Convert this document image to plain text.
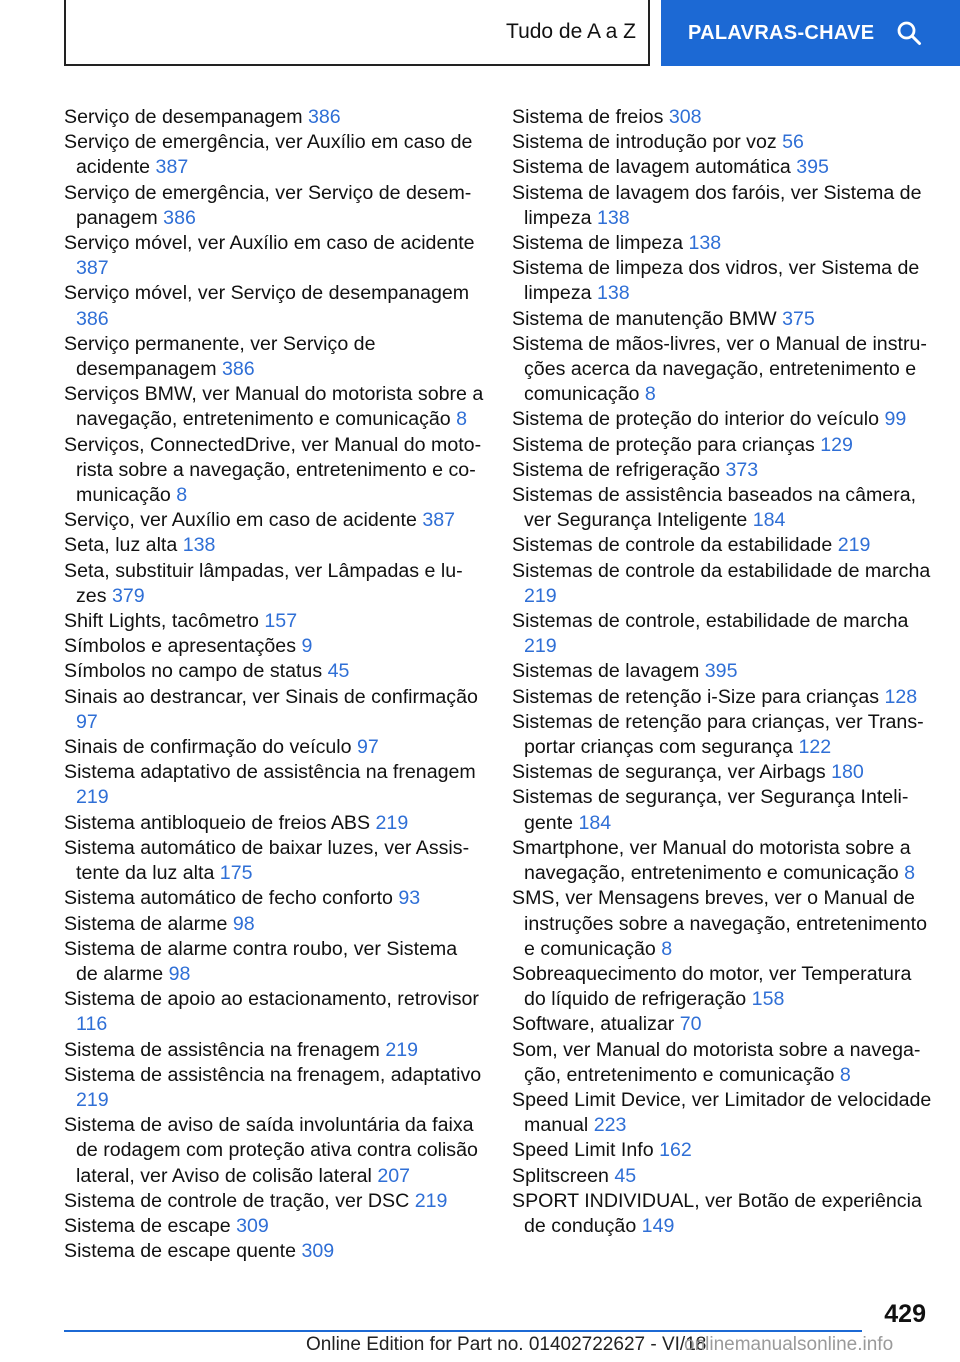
Tudo de A a Z	PALAVRAS-CHAVE
Serviço de desempanagem 386
Serviço de emergência, ver Auxílio em caso de acidente 387
Serviço de emergência, ver Serviço de desempanagem 386
Serviço móvel, ver Auxílio em caso de acidente 387
Serviço móvel, ver Serviço de desempanagem 386
Serviço permanente, ver Serviço de desempanagem 386
Serviços BMW, ver Manual do motorista sobre a navegação, entretenimento e comunicação 8
Serviços, ConnectedDrive, ver Manual do motorista sobre a navegação, entretenimento e comunicação 8
Serviço, ver Auxílio em caso de acidente 387
Seta, luz alta 138
Seta, substituir lâmpadas, ver Lâmpadas e luzes 379
Shift Lights, tacômetro 157
Símbolos e apresentações 9
Símbolos no campo de status 45
Sinais ao destrancar, ver Sinais de confirmação 97
Sinais de confirmação do veículo 97
Sistema adaptativo de assistência na frenagem 219
Sistema antibloqueio de freios ABS 219
Sistema automático de baixar luzes, ver Assistente da luz alta 175
Sistema automático de fecho conforto 93
Sistema de alarme 98
Sistema de alarme contra roubo, ver Sistema de alarme 98
Sistema de apoio ao estacionamento, retrovisor 116
Sistema de assistência na frenagem 219
Sistema de assistência na frenagem, adaptativo 219
Sistema de aviso de saída involuntária da faixa de rodagem com proteção ativa contra colisão lateral, ver Aviso de colisão lateral 207
Sistema de controle de tração, ver DSC 219
Sistema de escape 309
Sistema de escape quente 309
Sistema de freios 308
Sistema de introdução por voz 56
Sistema de lavagem automática 395
Sistema de lavagem dos faróis, ver Sistema de limpeza 138
Sistema de limpeza 138
Sistema de limpeza dos vidros, ver Sistema de limpeza 138
Sistema de manutenção BMW 375
Sistema de mãos-livres, ver o Manual de instruções acerca da navegação, entretenimento e comunicação 8
Sistema de proteção do interior do veículo 99
Sistema de proteção para crianças 129
Sistema de refrigeração 373
Sistemas de assistência baseados na câmera, ver Segurança Inteligente 184
Sistemas de controle da estabilidade 219
Sistemas de controle da estabilidade de marcha 219
Sistemas de controle, estabilidade de marcha 219
Sistemas de lavagem 395
Sistemas de retenção i-Size para crianças 128
Sistemas de retenção para crianças, ver Transportar crianças com segurança 122
Sistemas de segurança, ver Airbags 180
Sistemas de segurança, ver Segurança Inteligente 184
Smartphone, ver Manual do motorista sobre a navegação, entretenimento e comunicação 8
SMS, ver Mensagens breves, ver o Manual de instruções sobre a navegação, entretenimento e comunicação 8
Sobreaquecimento do motor, ver Temperatura do líquido de refrigeração 158
Software, atualizar 70
Som, ver Manual do motorista sobre a navegação, entretenimento e comunicação 8
Speed Limit Device, ver Limitador de velocidade manual 223
Speed Limit Info 162
Splitscreen 45
SPORT INDIVIDUAL, ver Botão de experiência de condução 149
429
Online Edition for Part no. 01402722627 - VI/18
onlinemanualsonline.info
